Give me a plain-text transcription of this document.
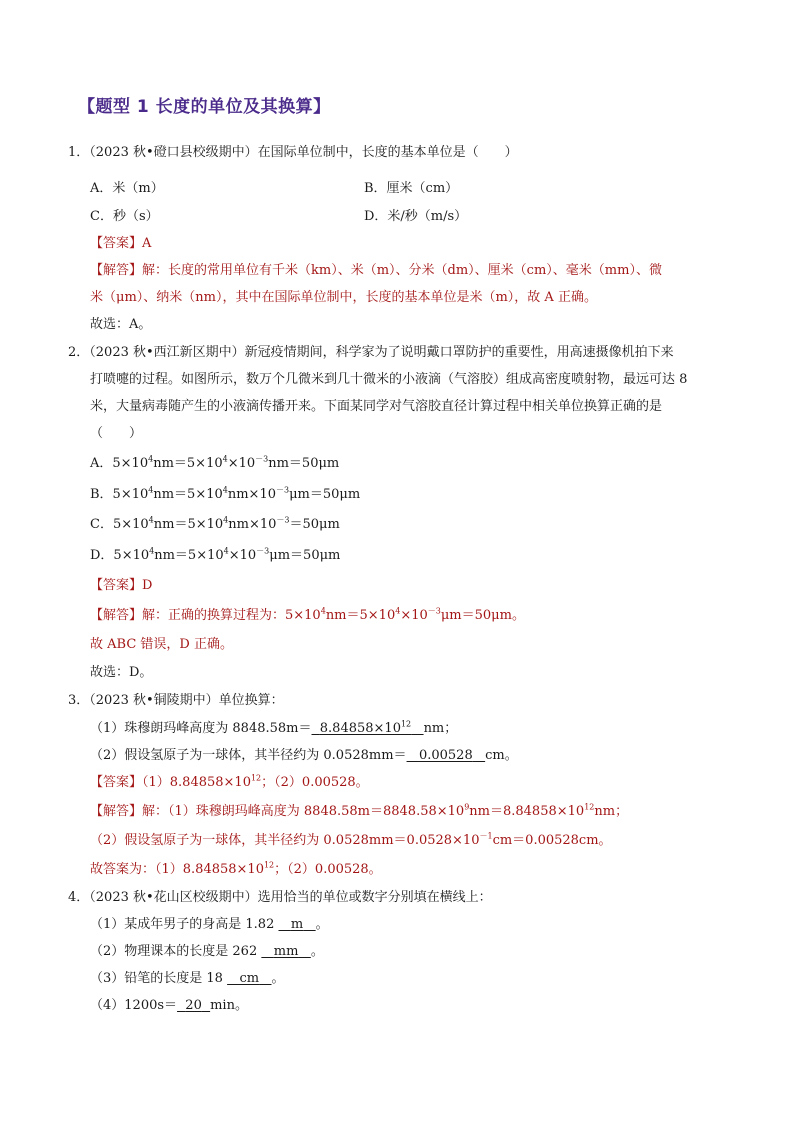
【题型 1 长度的单位及其换算】
1．（2023 秋•磴口县校级期中）在国际单位制中，长度的基本单位是（　　）
A．米（m）	B．厘米（cm）
C．秒（s）	D．米/秒（m/s）
【答案】A
【解答】解：长度的常用单位有千米（km）、米（m）、分米（dm）、厘米（cm）、毫米（mm）、微
米（μm）、纳米（nm），其中在国际单位制中，长度的基本单位是米（m），故 A 正确。
故选：A。
2．（2023 秋•西江新区期中）新冠疫情期间，科学家为了说明戴口罩防护的重要性，用高速摄像机拍下来
打喷嚏的过程。如图所示，数万个几微米到几十微米的小液滴（气溶胶）组成高密度喷射物，最远可达 8
米，大量病毒随产生的小液滴传播开来。下面某同学对气溶胶直径计算过程中相关单位换算正确的是
（　　）
A．$5\times 10^4nm=5\times 10^4\times 10^{-3}nm=50\mu m$
B．$5\times 10^4nm=5\times 10^4nm\times 10^{-3}\mu m=50\mu m$
C．$5\times 10^4nm=5\times 10^4nm\times 10^{-3}=50\mu m$
D．$5\times 10^4nm=5\times 10^4\times 10^{-3}\mu m=50\mu m$
【答案】D
【解答】解：正确的换算过程为：$5\times 10^4nm=5\times 10^4\times 10^{-3}\mu m=50\mu m$。
故 ABC 错误，D 正确。
故选：D。
3．（2023 秋•铜陵期中）单位换算：
（1）珠穆朗玛峰高度为 $8848.58m= 8.84858\times 10^{12}$ nm；
（2）假设氢原子为一球体，其半径约为 0.0528mm＝ 0.00528 cm。
【答案】$(1)8.84858\times 10^{12}$；（2）0.00528。
【解答】解：（1）珠穆朗玛峰高度为 $8848.58m=8848.58\times 10^9nm=8.84858\times 10^{12}nm$；
（2）假设氢原子为一球体，其半径约为 $0.0528mm=0.0528\times 10^{-1}cm=0.00528cm$。
故答案为：$(1)8.84858\times 10^{12}$；（2）0.00528。
4．（2023 秋•花山区校级期中）选用恰当的单位或数字分别填在横线上：
（1）某成年男子的身高是 1.82 m 。
（2）物理课本的长度是 262 mm 。
（3）铅笔的长度是 18 cm 。
（4）1200s＝ 20 min。
